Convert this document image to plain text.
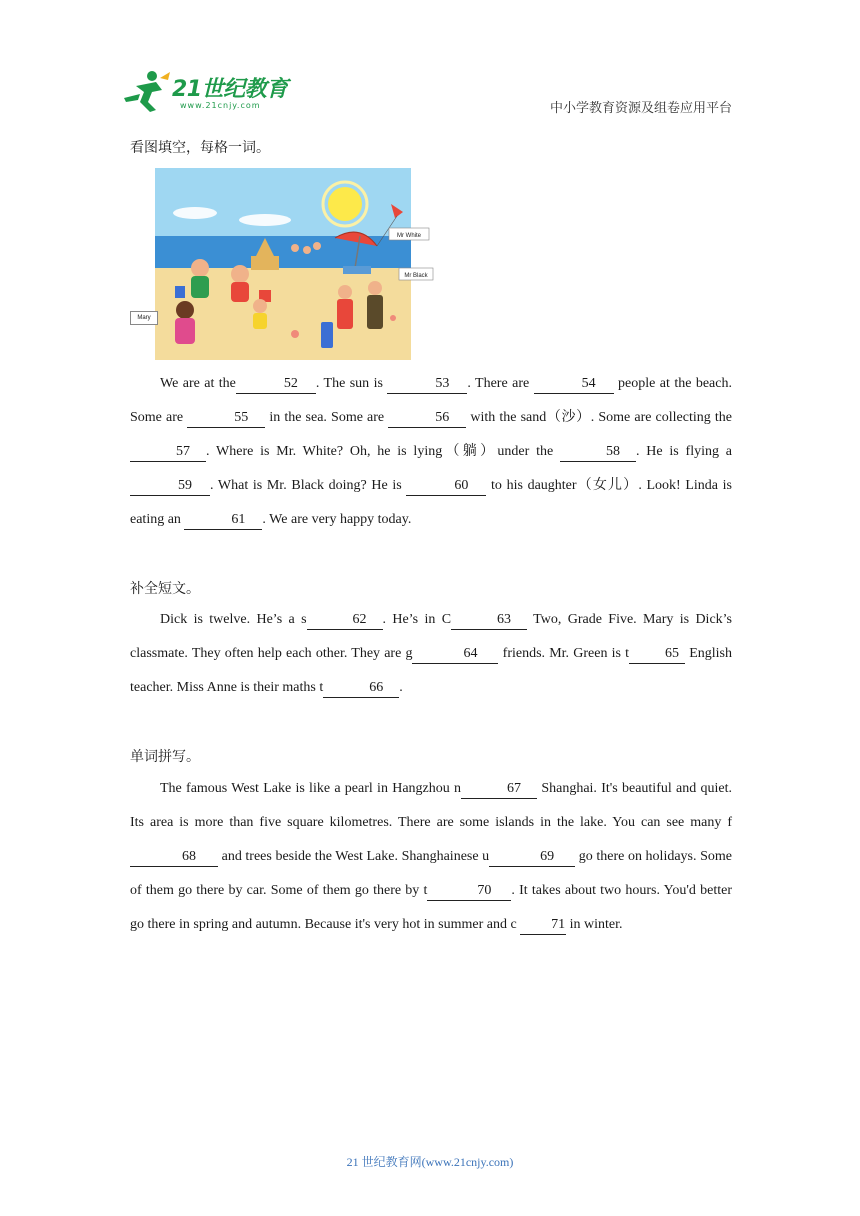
21世纪教育
www.21cnjy.com	中小学教育资源及组卷应用平台
看图填空，每格一词。
Mr White
Mr Black
Mary

We are at the	52 . The sun is	53 . There are	54 people at the beach. Some are	55 in the sea. Some are	56 with the sand（沙）. Some are collecting the 57 . Where is Mr. White? Oh, he is lying（躺）under the	58 . He is flying a 59 . What is Mr. Black doing? He is	60 to his daughter（女儿）. Look! Linda is eating an	61 . We are very happy today.

补全短文。

Dick is twelve. He’s a s	62 . He’s in C	63 Two, Grade Five. Mary is Dick’s classmate. They often help each other. They are g	64 friends. Mr. Green is t	65 English teacher. Miss Anne is their maths t	66 .

单词拼写。

The famous West Lake is like a pearl in Hangzhou n	67 Shanghai. It's beautiful and quiet. Its area is more than five square kilometres. There are some islands in the lake. You can see many f68 and trees beside the West Lake. Shanghainese u	69 go there on holidays. Some of them go there by car. Some of them go there by t	70 . It takes about two hours. You'd better go there in spring and autumn. Because it's very hot in summer and c 71 in winter.

21 世纪教育网(www.21cnjy.com)
